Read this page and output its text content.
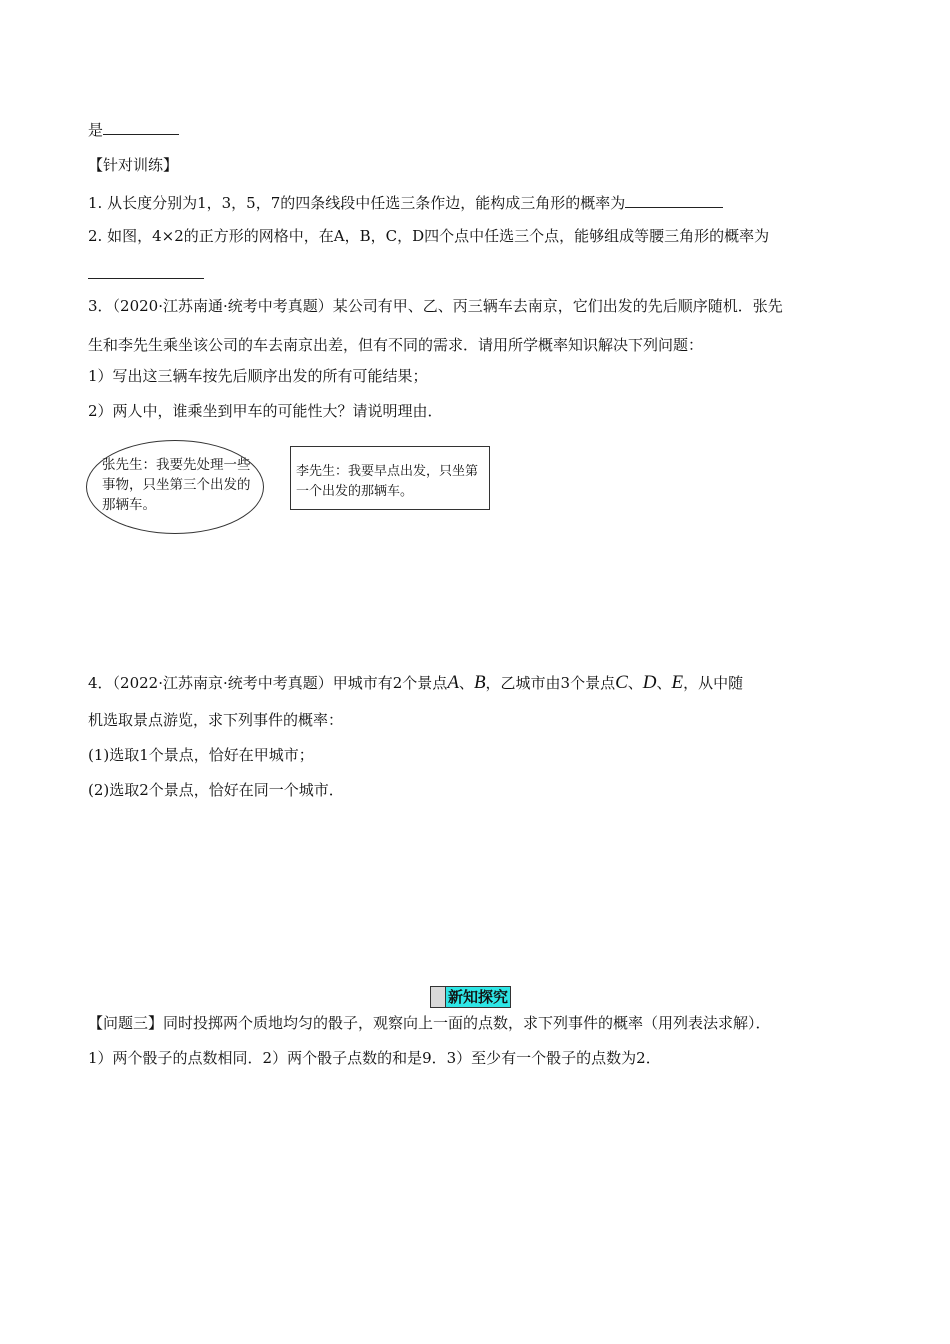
是
【针对训练】
1. 从长度分别为1，3，5，7的四条线段中任选三条作边，能构成三角形的概率为
2. 如图，4×2的正方形的网格中，在A，B，C，D四个点中任选三个点，能够组成等腰三角形的概率为
3．（2020·江苏南通·统考中考真题）某公司有甲、乙、丙三辆车去南京，它们出发的先后顺序随机．张先
生和李先生乘坐该公司的车去南京出差，但有不同的需求．请用所学概率知识解决下列问题：
1）写出这三辆车按先后顺序出发的所有可能结果；
2）两人中，谁乘坐到甲车的可能性大？请说明理由．
张先生：我要先处理一些
事物，只坐第三个出发的
那辆车。
李先生：我要早点出发，只坐第
一个出发的那辆车。
4．（2022·江苏南京·统考中考真题）甲城市有2个景点A、B，乙城市由3个景点C、D、E，从中随
机选取景点游览，求下列事件的概率：
(1)选取1个景点，恰好在甲城市；
(2)选取2个景点，恰好在同一个城市．
新知探究
【问题三】同时投掷两个质地均匀的骰子，观察向上一面的点数，求下列事件的概率（用列表法求解）．
1）两个骰子的点数相同．2）两个骰子点数的和是9．3）至少有一个骰子的点数为2．
